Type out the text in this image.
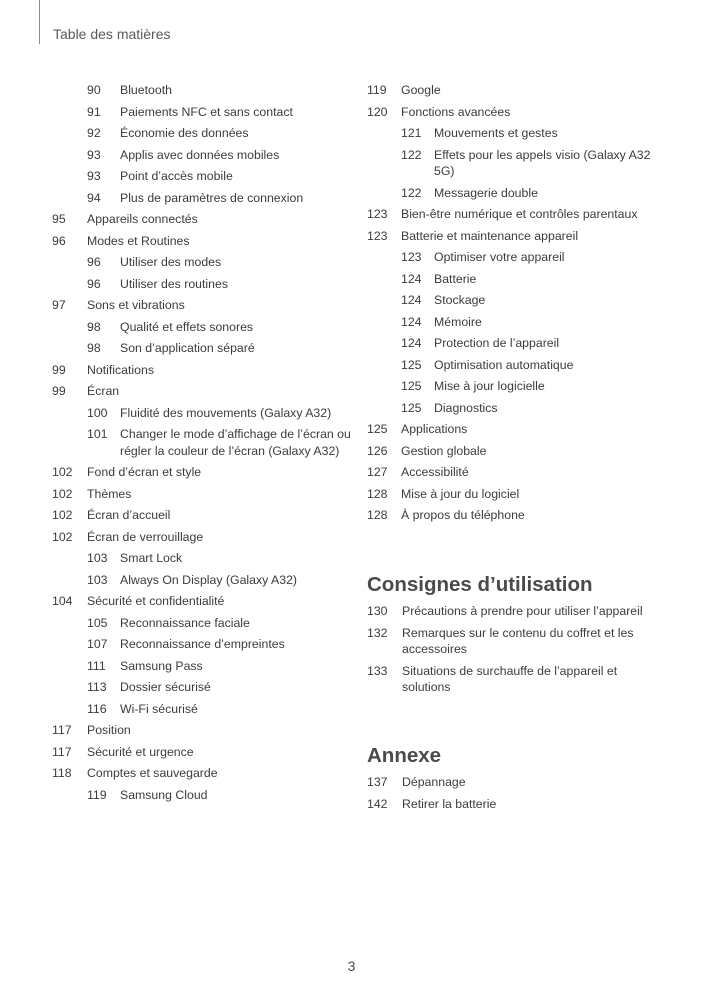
Table des matières
90	Bluetooth
91	Paiements NFC et sans contact
92	Économie des données
93	Applis avec données mobiles
93	Point d’accès mobile
94	Plus de paramètres de connexion
95	Appareils connectés
96	Modes et Routines
96	Utiliser des modes
96	Utiliser des routines
97	Sons et vibrations
98	Qualité et effets sonores
98	Son d’application séparé
99	Notifications
99	Écran
100	Fluidité des mouvements (Galaxy A32)
101	Changer le mode d’affichage de l’écran ou régler la couleur de l’écran (Galaxy A32)
102	Fond d’écran et style
102	Thèmes
102	Écran d’accueil
102	Écran de verrouillage
103	Smart Lock
103	Always On Display (Galaxy A32)
104	Sécurité et confidentialité
105	Reconnaissance faciale
107	Reconnaissance d’empreintes
111	Samsung Pass
113	Dossier sécurisé
116	Wi-Fi sécurisé
117	Position
117	Sécurité et urgence
118	Comptes et sauvegarde
119	Samsung Cloud
119	Google
120	Fonctions avancées
121	Mouvements et gestes
122	Effets pour les appels visio (Galaxy A32 5G)
122	Messagerie double
123	Bien-être numérique et contrôles parentaux
123	Batterie et maintenance appareil
123	Optimiser votre appareil
124	Batterie
124	Stockage
124	Mémoire
124	Protection de l’appareil
125	Optimisation automatique
125	Mise à jour logicielle
125	Diagnostics
125	Applications
126	Gestion globale
127	Accessibilité
128	Mise à jour du logiciel
128	À propos du téléphone
Consignes d’utilisation
130	Précautions à prendre pour utiliser l’appareil
132	Remarques sur le contenu du coffret et les accessoires
133	Situations de surchauffe de l’appareil et solutions
Annexe
137	Dépannage
142	Retirer la batterie
3
